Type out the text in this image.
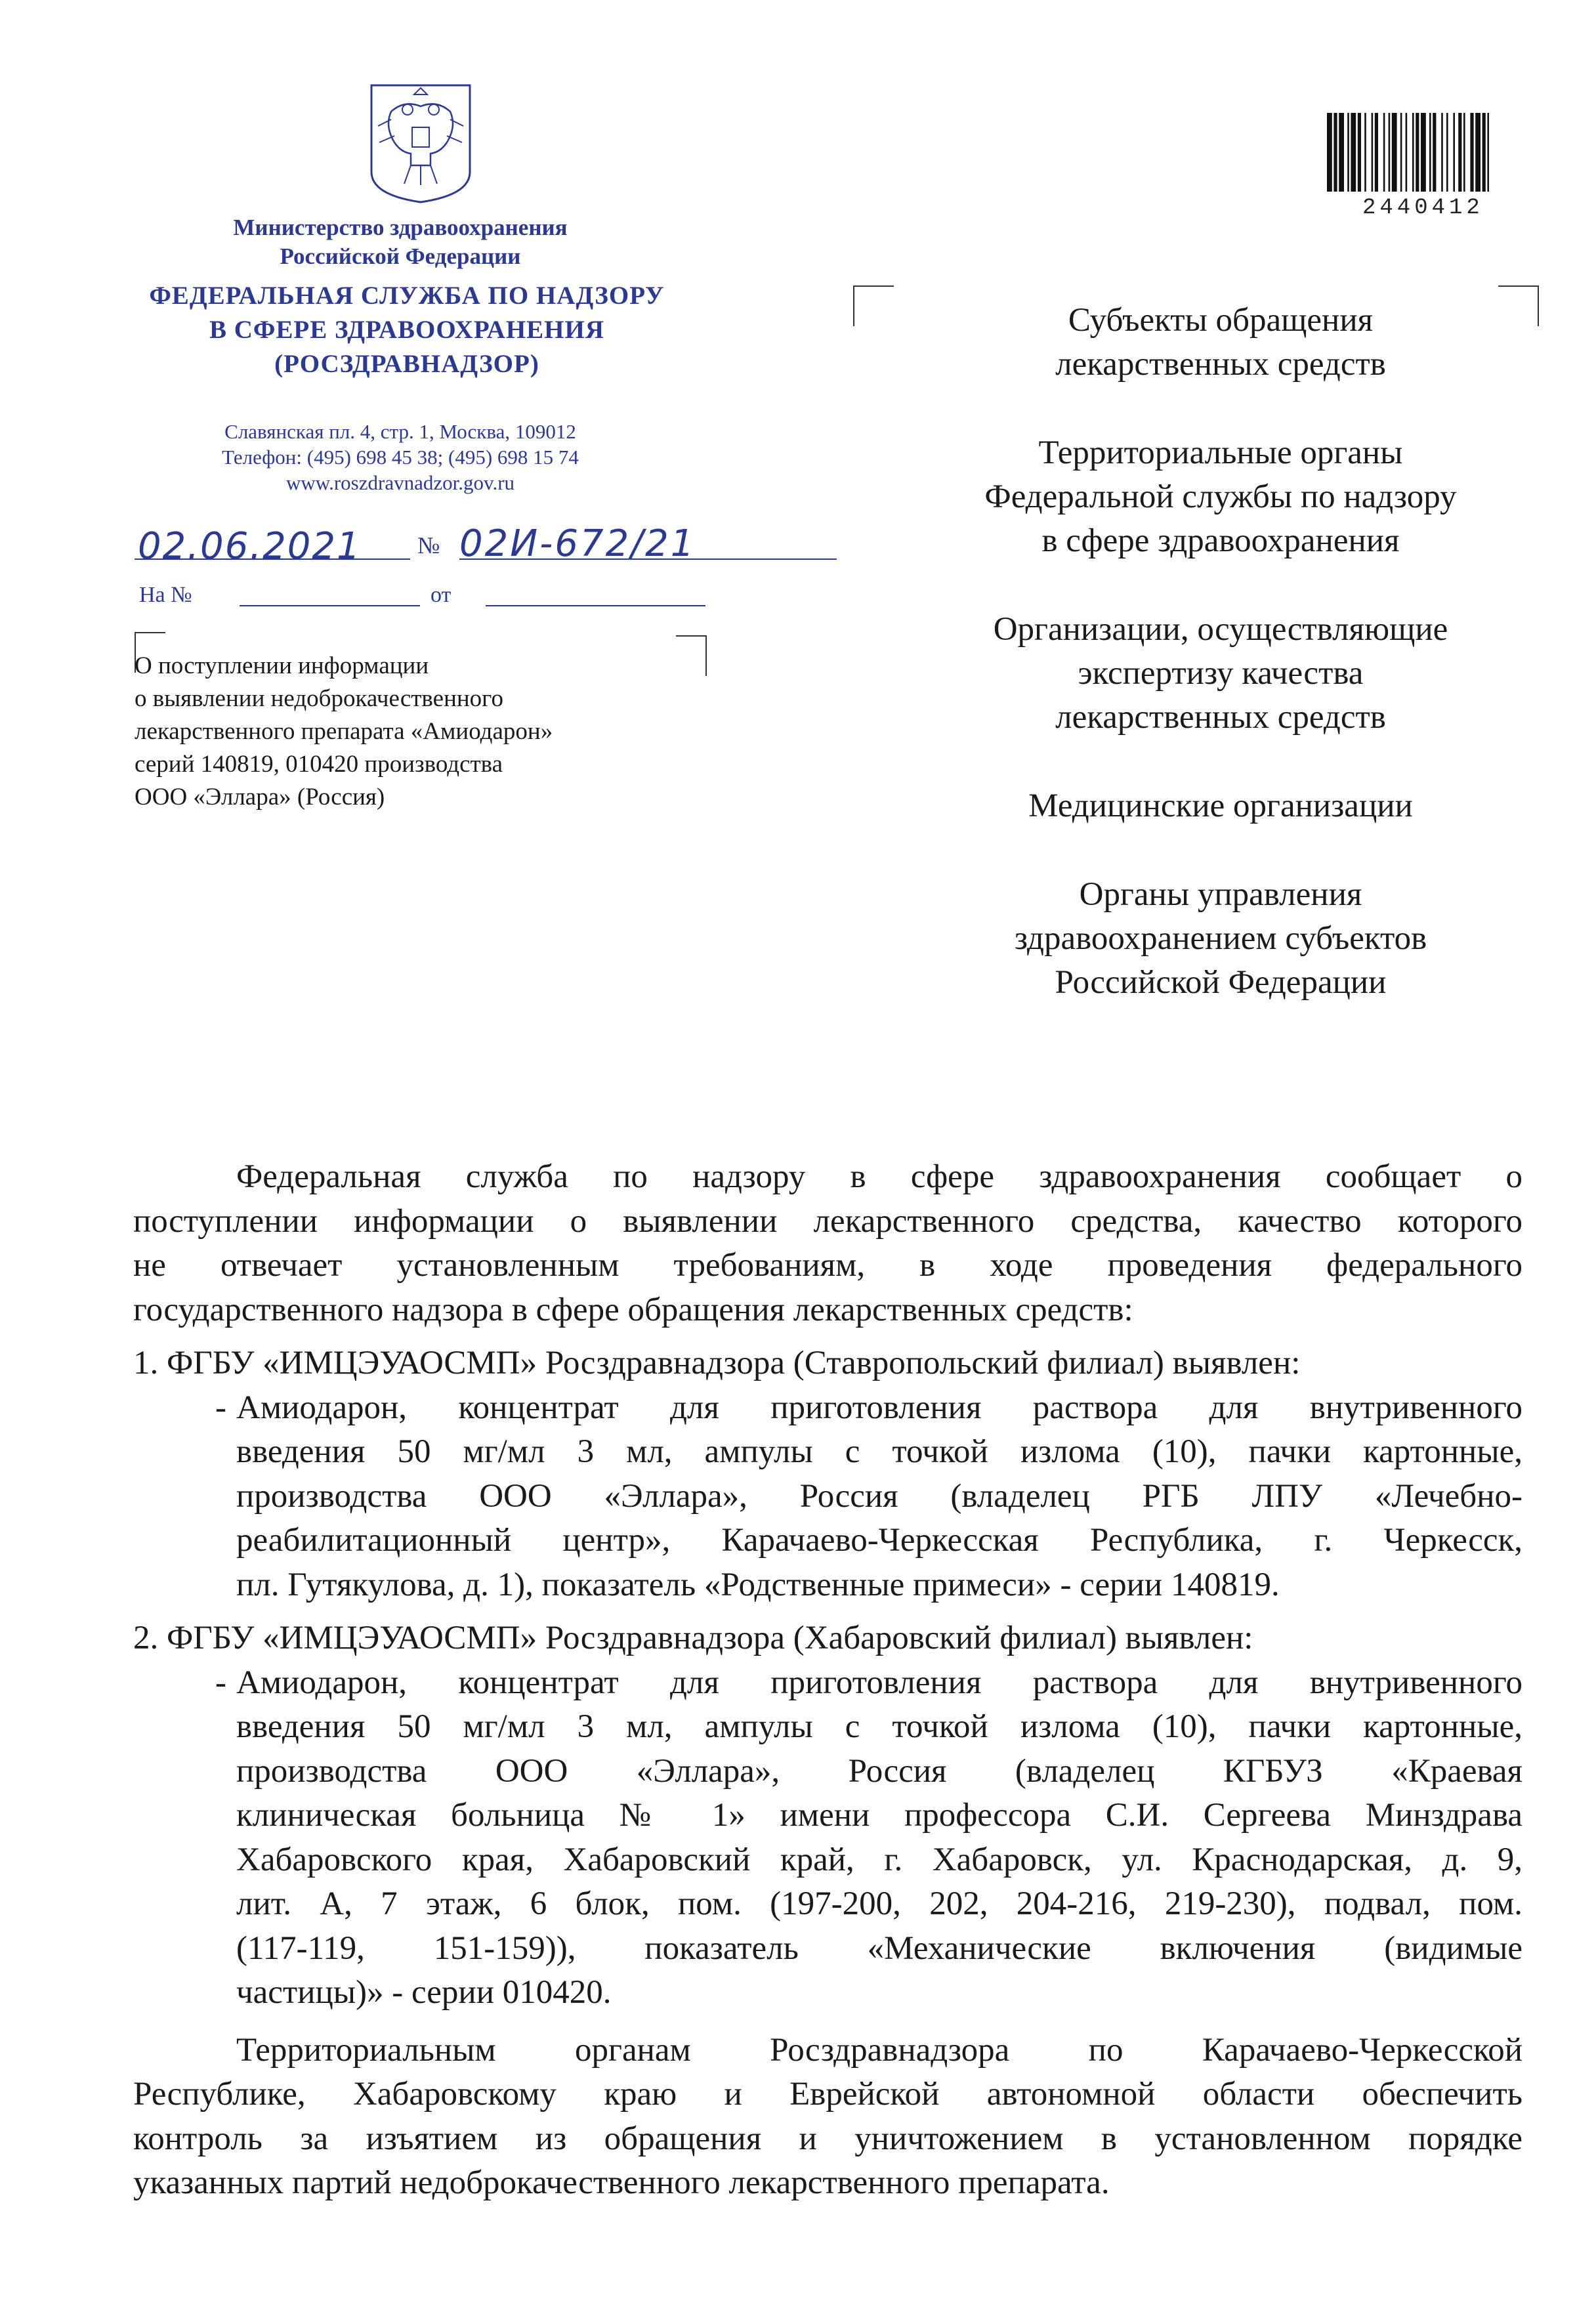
Министерство здравоохранения
Российской Федерации
ФЕДЕРАЛЬНАЯ СЛУЖБА ПО НАДЗОРУ
В СФЕРЕ ЗДРАВООХРАНЕНИЯ
(РОСЗДРАВНАДЗОР)
Славянская пл. 4, стр. 1, Москва, 109012
Телефон: (495) 698 45 38; (495) 698 15 74
www.roszdravnadzor.gov.ru
02.06.2021 № 02И-672/21
На №	от
О поступлении информации
о выявлении недоброкачественного
лекарственного препарата «Амиодарон»
серий 140819, 010420 производства
ООО «Эллара» (Россия)
2440412
Субъекты обращения
лекарственных средств
Территориальные органы
Федеральной службы по надзору
в сфере здравоохранения
Организации, осуществляющие
экспертизу качества
лекарственных средств
Медицинские организации
Органы управления
здравоохранением субъектов
Российской Федерации
Федеральная служба по надзору в сфере здравоохранения сообщает о
поступлении информации о выявлении лекарственного средства, качество которого
не отвечает установленным требованиям, в ходе проведения федерального
государственного надзора в сфере обращения лекарственных средств:
1. ФГБУ «ИМЦЭУАОСМП» Росздравнадзора (Ставропольский филиал) выявлен:
- Амиодарон, концентрат для приготовления раствора для внутривенного
введения 50 мг/мл 3 мл, ампулы с точкой излома (10), пачки картонные,
производства ООО «Эллара», Россия (владелец РГБ ЛПУ «Лечебно-
реабилитационный центр», Карачаево-Черкесская Республика, г. Черкесск,
пл. Гутякулова, д. 1), показатель «Родственные примеси» - серии 140819.
2. ФГБУ «ИМЦЭУАОСМП» Росздравнадзора (Хабаровский филиал) выявлен:
- Амиодарон, концентрат для приготовления раствора для внутривенного
введения 50 мг/мл 3 мл, ампулы с точкой излома (10), пачки картонные,
производства ООО «Эллара», Россия (владелец КГБУЗ «Краевая
клиническая больница № 1» имени профессора С.И. Сергеева Минздрава
Хабаровского края, Хабаровский край, г. Хабаровск, ул. Краснодарская, д. 9,
лит. А, 7 этаж, 6 блок, пом. (197-200, 202, 204-216, 219-230), подвал, пом.
(117-119, 151-159)), показатель «Механические включения (видимые
частицы)» - серии 010420.
Территориальным органам Росздравнадзора по Карачаево-Черкесской
Республике, Хабаровскому краю и Еврейской автономной области обеспечить
контроль за изъятием из обращения и уничтожением в установленном порядке
указанных партий недоброкачественного лекарственного препарата.
